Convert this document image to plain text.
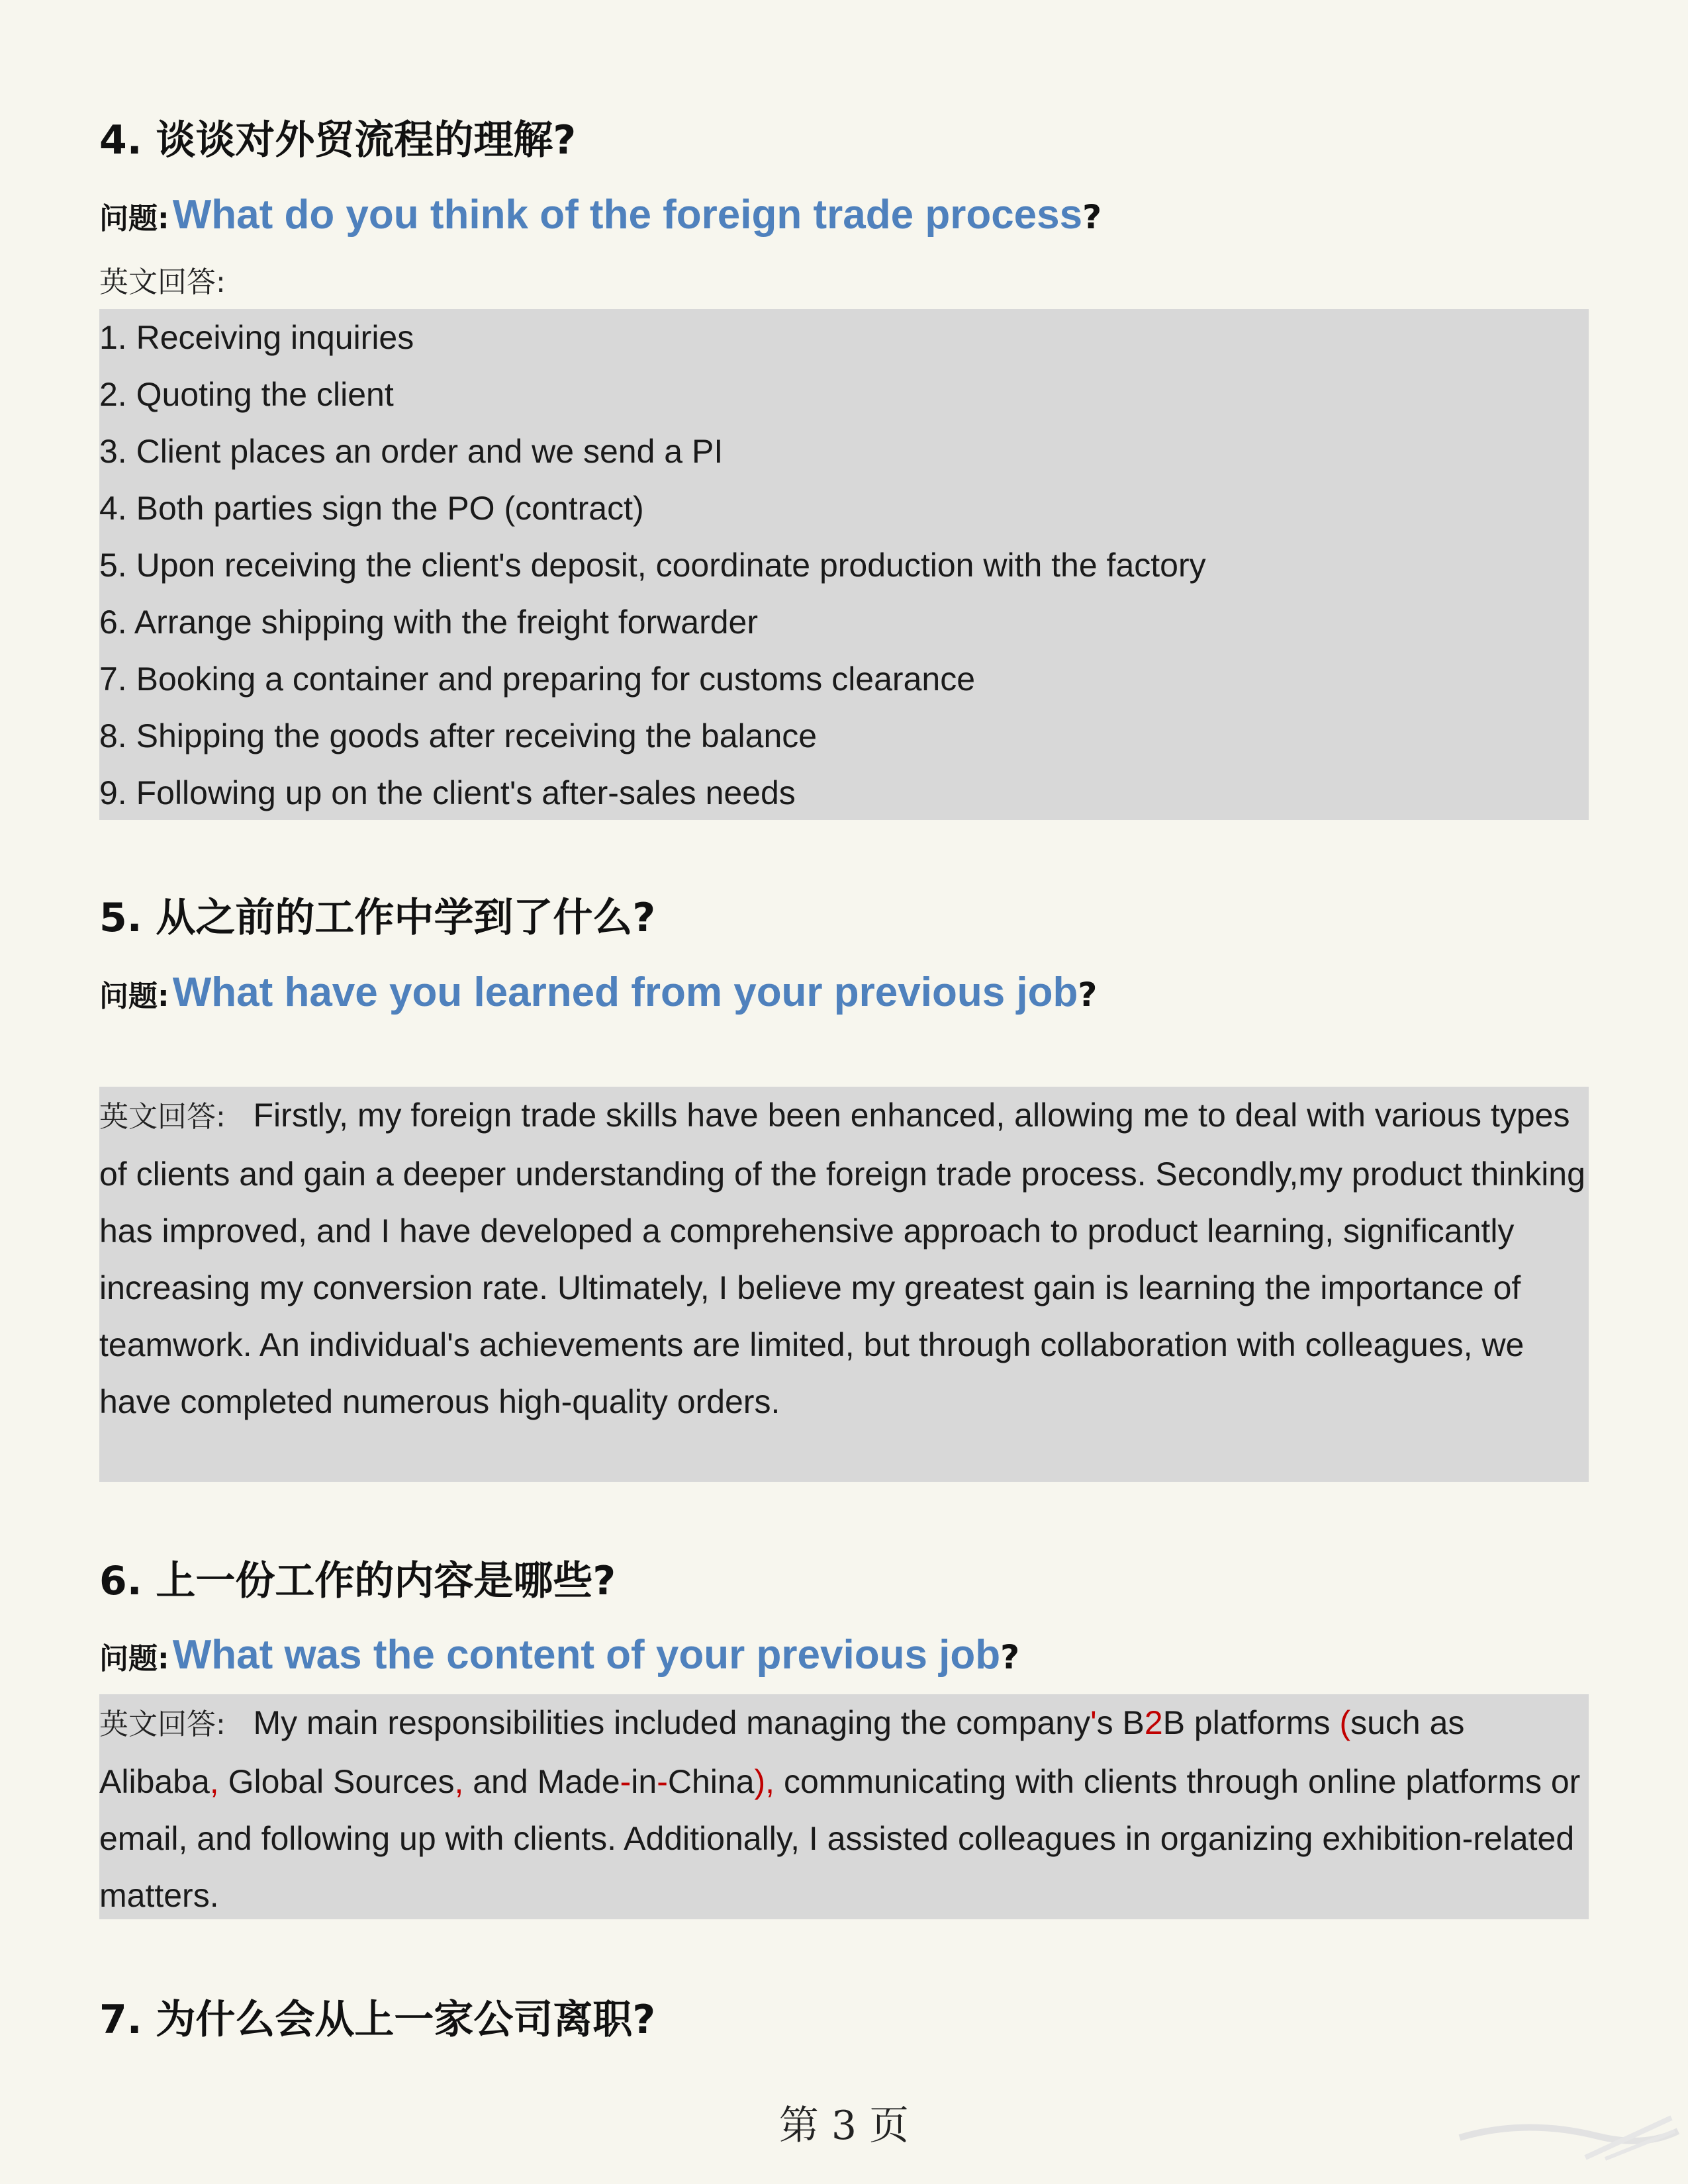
4. 谈谈对外贸流程的理解?
问题: What do you think of the foreign trade process?
英文回答:
1. Receiving inquiries
2. Quoting the client
3. Client places an order and we send a PI
4. Both parties sign the PO (contract)
5. Upon receiving the client's deposit, coordinate production with the factory
6. Arrange shipping with the freight forwarder
7. Booking a container and preparing for customs clearance
8. Shipping the goods after receiving the balance
9. Following up on the client's after-sales needs
5. 从之前的工作中学到了什么?
问题: What have you learned from your previous job?

英文回答: Firstly, my foreign trade skills have been enhanced, allowing me to deal with various types of clients and gain a deeper understanding of the foreign trade process. Secondly,my product thinking has improved, and I have developed a comprehensive approach to product learning, significantly increasing my conversion rate. Ultimately, I believe my greatest gain is learning the importance of teamwork. An individual's achievements are limited, but through collaboration with colleagues, we have completed numerous high-quality orders.

6. 上一份工作的内容是哪些?
问题: What was the content of your previous job?

英文回答: My main responsibilities included managing the company's B2B platforms (such as Alibaba, Global Sources, and Made-in-China), communicating with clients through online platforms or email, and following up with clients. Additionally, I assisted colleagues in organizing exhibition-related matters.

7. 为什么会从上一家公司离职?
第 3 页
